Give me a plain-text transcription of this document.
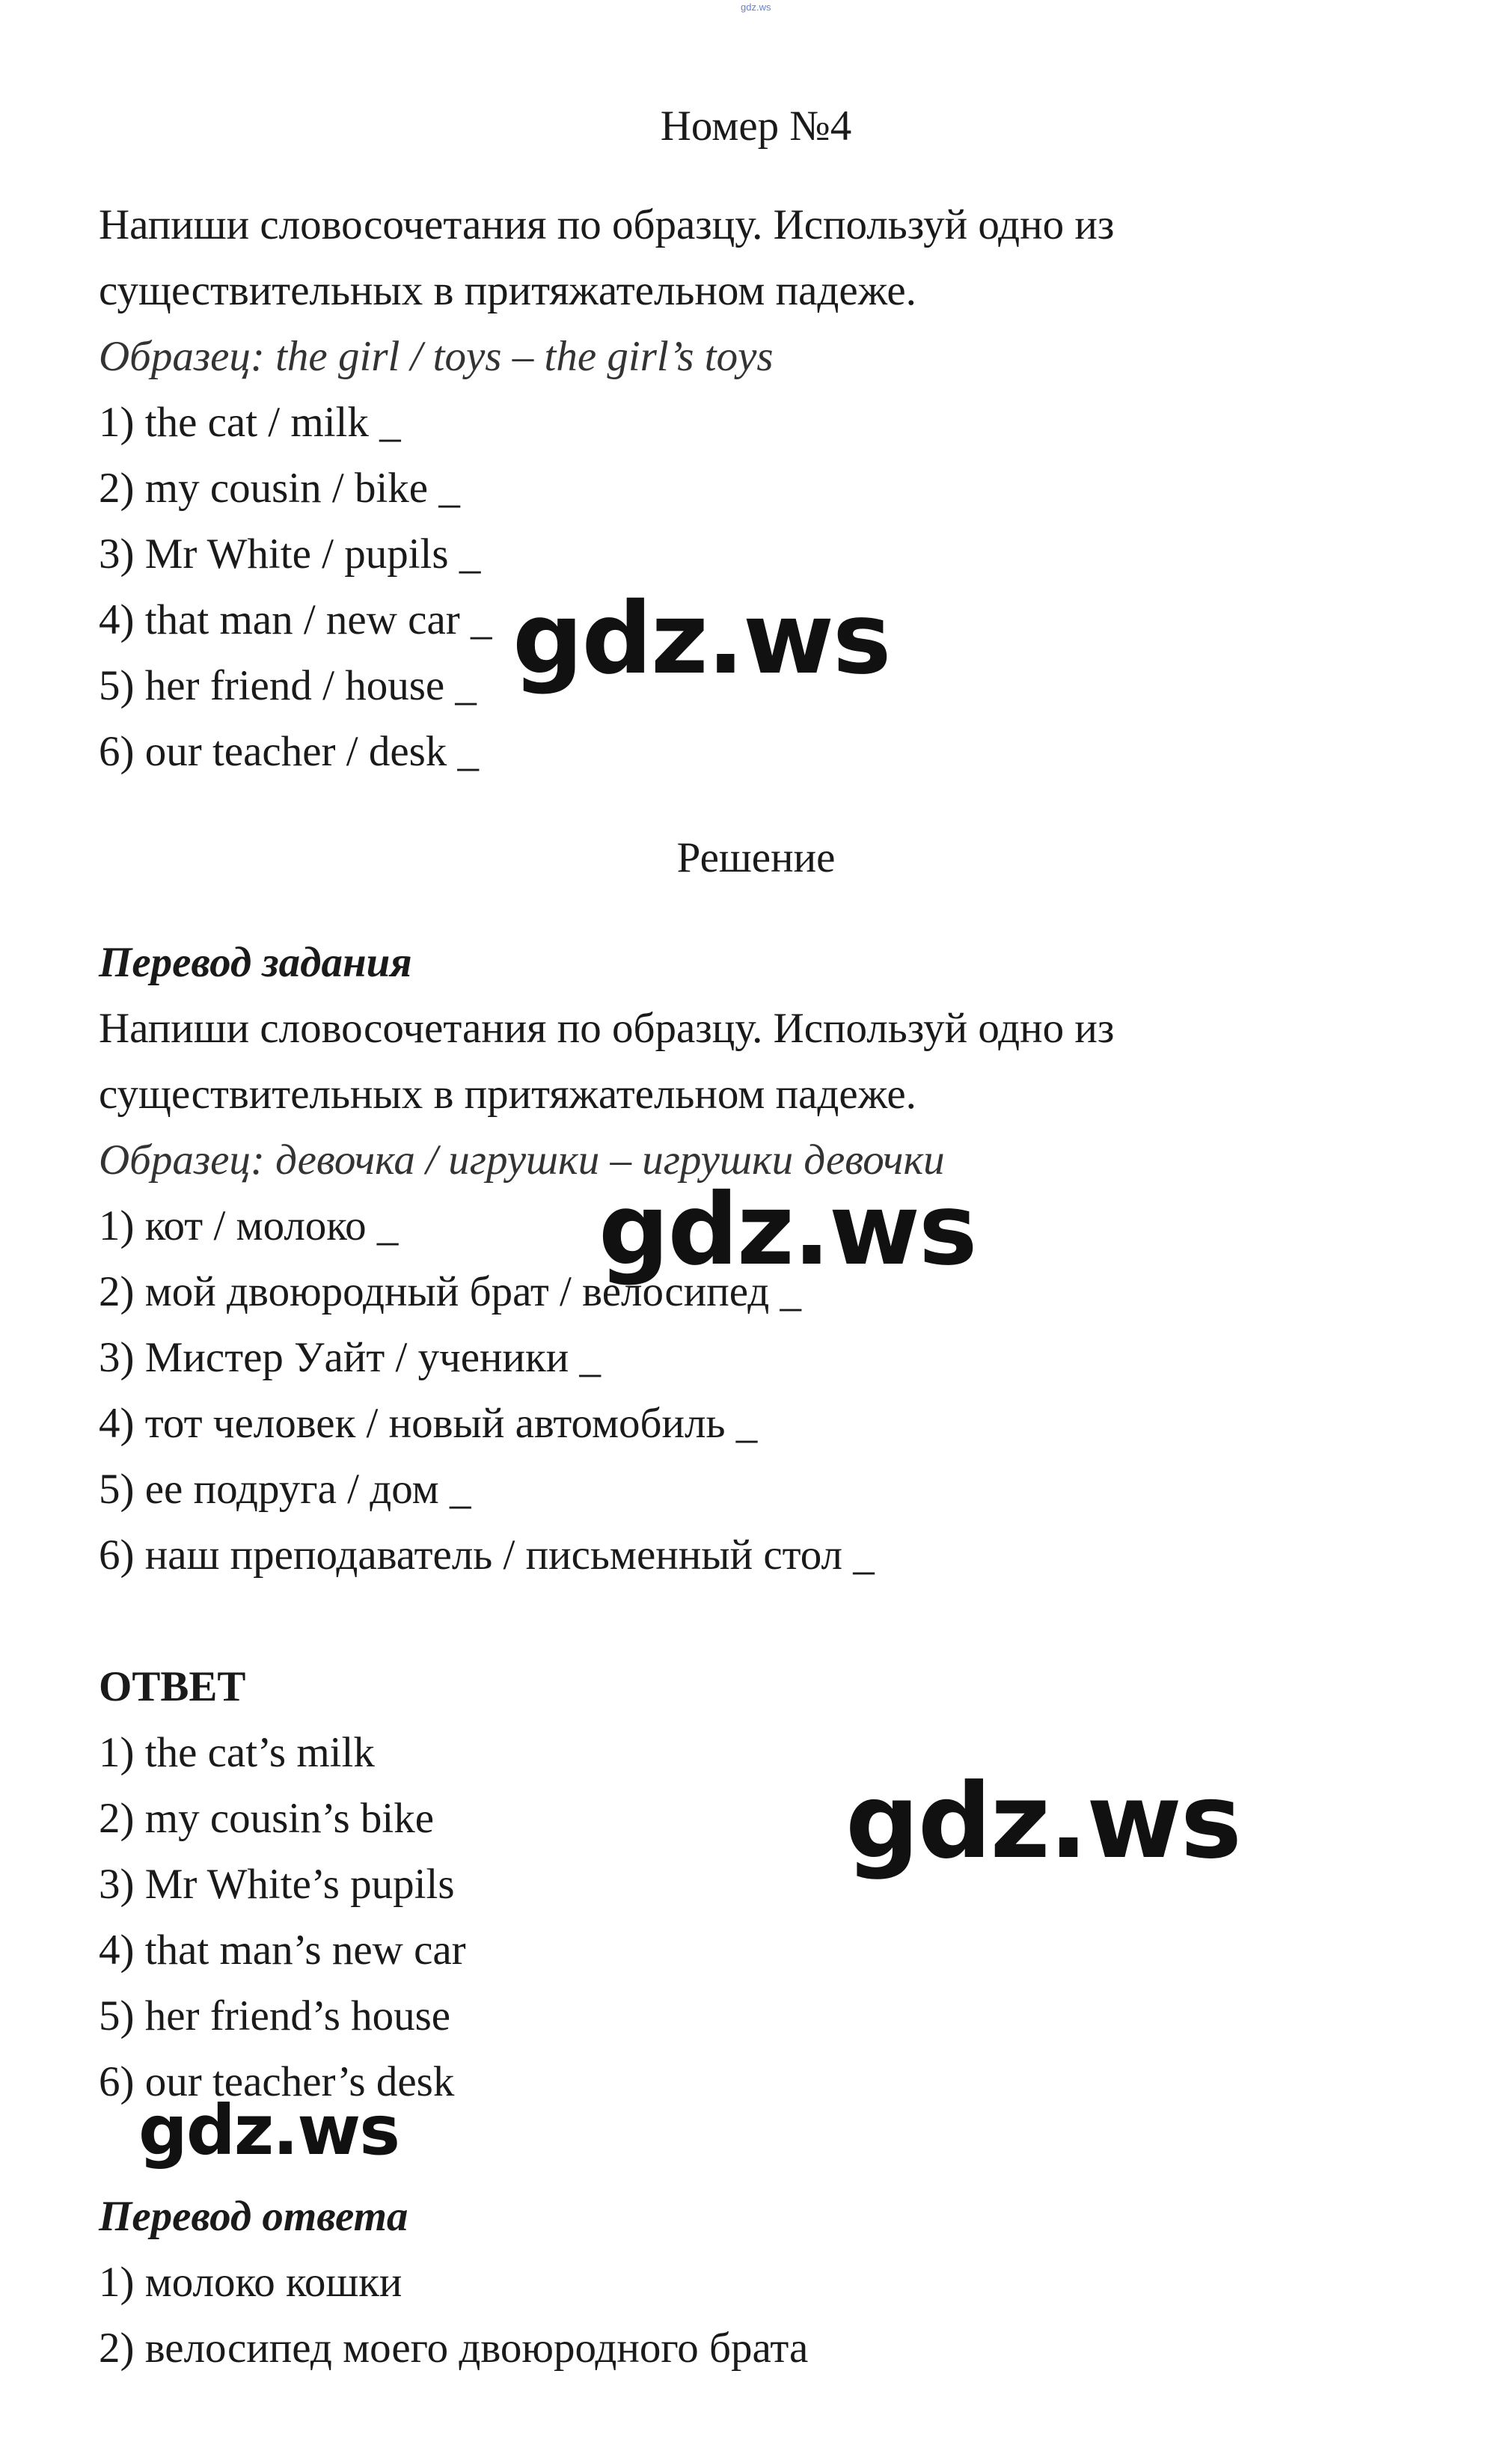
gdz.ws
Номер №4
Напиши словосочетания по образцу. Используй одно из
существительных в притяжательном падеже.
Образец: the girl / toys – the girl’s toys
1) the cat / milk _
2) my cousin / bike _
3) Mr White / pupils _
4) that man / new car _
5) her friend / house _
6) our teacher / desk _
Решение
Перевод задания
Напиши словосочетания по образцу. Используй одно из
существительных в притяжательном падеже.
Образец: девочка / игрушки – игрушки девочки
1) кот / молоко _
2) мой двоюродный брат / велосипед _
3) Мистер Уайт / ученики _
4) тот человек / новый автомобиль _
5) ее подруга / дом _
6) наш преподаватель / письменный стол _
ОТВЕТ
1) the cat’s milk
2) my cousin’s bike
3) Mr White’s pupils
4) that man’s new car
5) her friend’s house
6) our teacher’s desk
Перевод ответа
1) молоко кошки
2) велосипед моего двоюродного брата
gdz.ws
gdz.ws
gdz.ws
gdz.ws
